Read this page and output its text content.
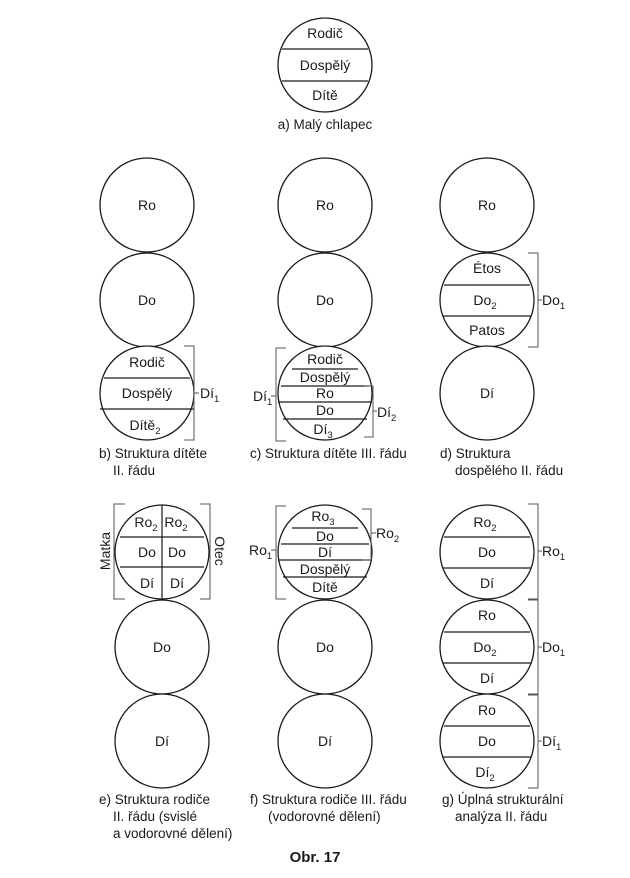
Rodič
Dospělý
Dítě
a) Malý chlapec
Ro
Do
Rodič
Dospělý
Dítě$_2$
$Dí_1$
b) Struktura dítěte
II. řádu
Ro
Do
Rodič
Dospělý
Ro
Do
$Dí_3$
$Dí_1$
$Dí_2$
c) Struktura dítěte III. řádu
Ro
Étos
$Do_2$
Patos
$Do_1$
Dí
d) Struktura
dospělého II. řádu
$Ro_2$ $Ro_2$
Do Do
Dí Dí
Matka	Otec
Do
Dí
e) Struktura rodiče
II. řádu (svislé
a vodorovné dělení)
$Ro_3$
Do
Dí
Dospělý
Dítě
$Ro_1$
$Ro_2$
Do
Dí
f) Struktura rodiče III. řádu
(vodorovné dělení)
$Ro_2$
Do
Dí
$Ro_1$
Ro
$Do_2$
Dí
$Do_1$
Ro
Do
$Dí_2$
$Dí_1$
g) Úplná strukturální
analýza II. řádu
Obr. 17
